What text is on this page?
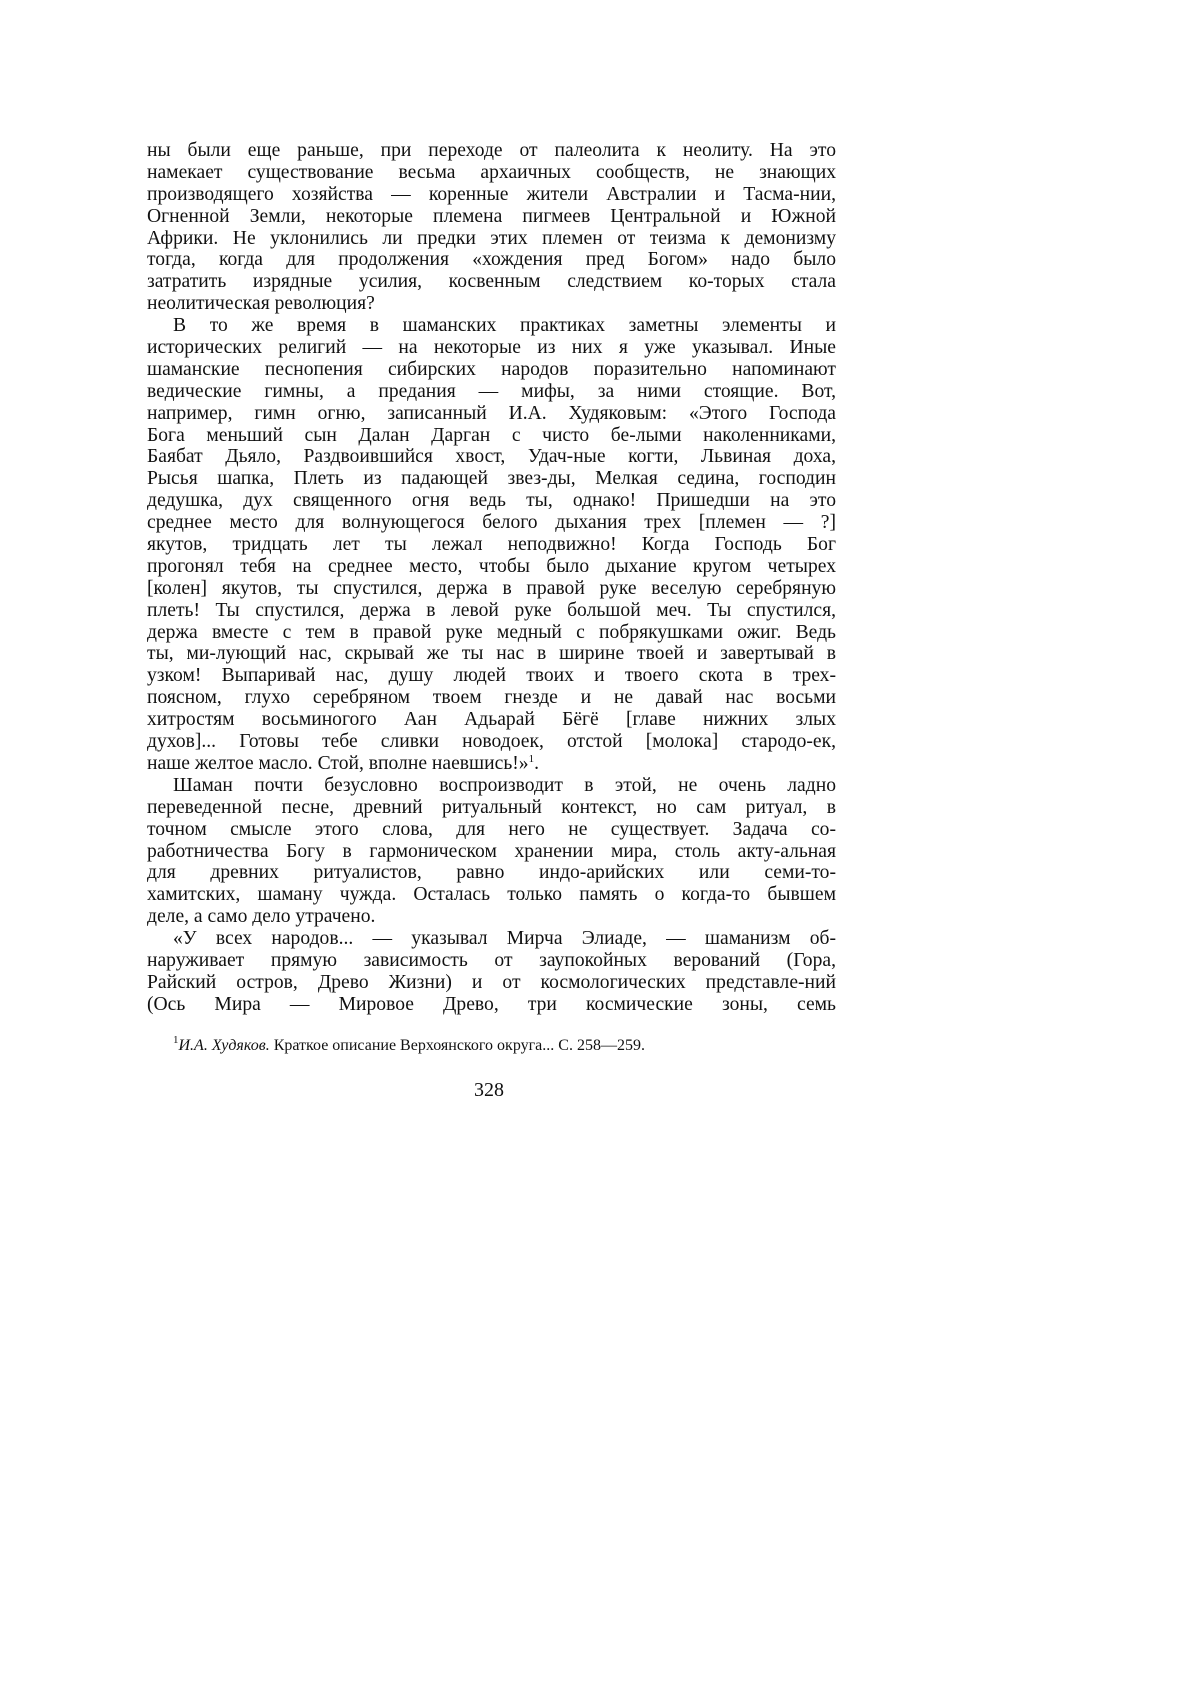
ны были еще раньше, при переходе от палеолита к неолиту. На это
намекает существование весьма архаичных сообществ, не знающих
производящего хозяйства — коренные жители Австралии и Тасма-нии,
Огненной Земли, некоторые племена пигмеев Центральной и Южной
Африки. Не уклонились ли предки этих племен от теизма к демонизму
тогда, когда для продолжения «хождения пред Богом» надо было
затратить изрядные усилия, косвенным следствием ко-торых стала
неолитическая революция?
В то же время в шаманских практиках заметны элементы и
исторических религий — на некоторые из них я уже указывал. Иные
шаманские песнопения сибирских народов поразительно напоминают
ведические гимны, а предания — мифы, за ними стоящие. Вот,
например, гимн огню, записанный И.А. Худяковым: «Этого Господа
Бога меньший сын Далан Дарган с чисто бе-лыми наколенниками,
Баябат Дьяло, Раздвоившийся хвост, Удач-ные когти, Львиная доха,
Рысья шапка, Плеть из падающей звез-ды, Мелкая седина, господин
дедушка, дух священного огня ведь ты, однако! Пришедши на это
среднее место для волнующегося белого дыхания трех [племен — ?]
якутов, тридцать лет ты лежал неподвижно! Когда Господь Бог
прогонял тебя на среднее место, чтобы было дыхание кругом четырех
[колен] якутов, ты спустился, держа в правой руке веселую серебряную
плеть! Ты спустился, держа в левой руке большой меч. Ты спустился,
держа вместе с тем в правой руке медный с побрякушками ожиг. Ведь
ты, ми-лующий нас, скрывай же ты нас в ширине твоей и завертывай в
узком! Выпаривай нас, душу людей твоих и твоего скота в трех-
поясном, глухо серебряном твоем гнезде и не давай нас восьми
хитростям восьминогого Аан Адьарай Бёгё [главе нижних злых
духов]... Готовы тебе сливки новодоек, отстой [молока] стародо-ек,
наше желтое масло. Стой, вполне наевшись!»$^1$.
Шаман почти безусловно воспроизводит в этой, не очень ладно
переведенной песне, древний ритуальный контекст, но сам ритуал, в
точном смысле этого слова, для него не существует. Задача со-
работничества Богу в гармоническом хранении мира, столь акту-альная
для древних ритуалистов, равно индо-арийских или семи-то-
хамитских, шаману чужда. Осталась только память о когда-то бывшем
деле, а само дело утрачено.
«У всех народов... — указывал Мирча Элиаде, — шаманизм об-
наруживает прямую зависимость от заупокойных верований (Гора,
Райский остров, Древо Жизни) и от космологических представле-ний
(Ось Мира — Мировое Древо, три космические зоны, семь
$^1$И.А. Худяков. Краткое описание Верхоянского округа... С. 258—259.
328
